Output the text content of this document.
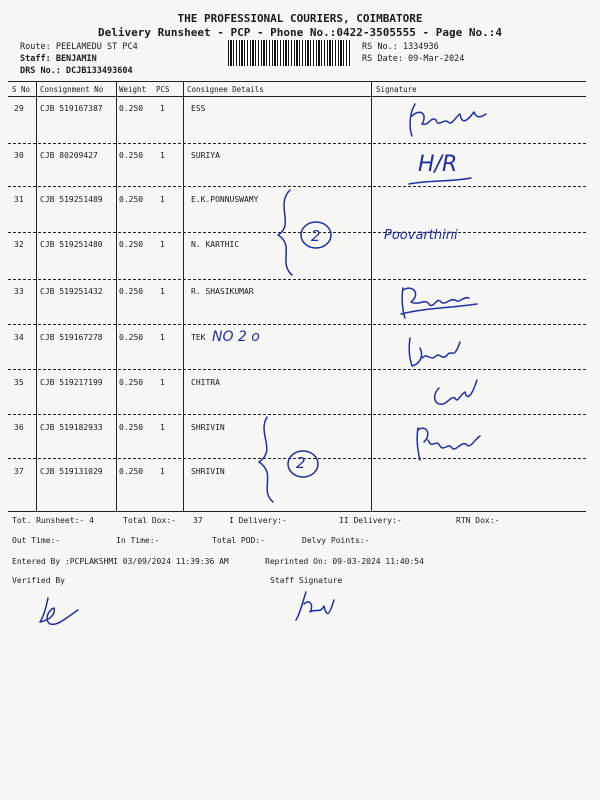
THE PROFESSIONAL COURIERS, COIMBATORE
Delivery Runsheet - PCP - Phone No.:0422-3505555 - Page No.:4
Route: PEELAMEDU ST PC4
Staff: BENJAMIN
DRS No.: DCJB133493604
RS No.: 1334936
RS Date: 09-Mar-2024
S No Consignment No Weight PCS Consignee Details	Signature
29 CJB 519167387 0.250 1	ESS
30 CJB 80209427	0.250 1	SURIYA
31 CJB 519251489 0.250 1	E.K.PONNUSWAMY
32 CJB 519251480 0.250 1	N. KARTHIC
33 CJB 519251432 0.250 1	R. SHASIKUMAR
34 CJB 519167278 0.250 1	TEK
35 CJB 519217199 0.250 1	CHITRA
36 CJB 519182933 0.250 1	SHRIVIN
37 CJB 519131029 0.250 1	SHRIVIN
NO 2 o
2
2
H/R
Poovarthini
Tot. Runsheet:- 4	Total Dox:- 37	I Delivery:-	II Delivery:-	RTN Dox:-
Out Time:-	In Time:-	Total POD:-	Delvy Points:-
Entered By :PCPLAKSHMI 03/09/2024 11:39:36 AM	Reprinted On: 09-03-2024 11:40:54
Verified By	Staff Signature
